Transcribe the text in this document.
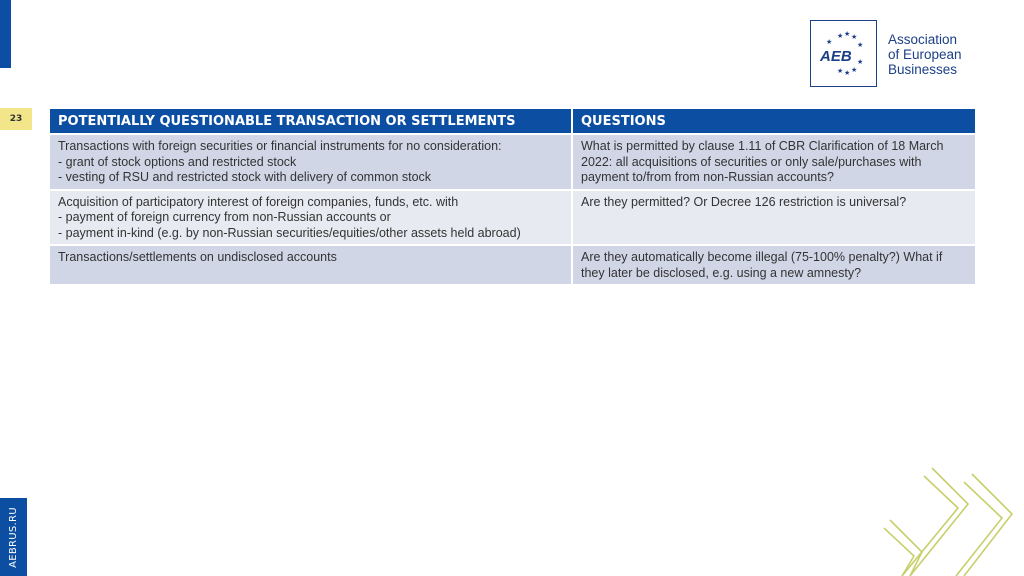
23
AEBRUS.RU
★ ★ ★
★	★
★
★
★
★
AEB
Association
of European
Businesses
POTENTIALLY QUESTIONABLE TRANSACTION OR SETTLEMENTS	QUESTIONS

Transactions with foreign securities or financial instruments for no consideration:
- grant of stock options and restricted stock
- vesting of RSU and restricted stock with delivery of common stock	What is permitted by clause 1.11 of CBR Clarification of 18 March
2022: all acquisitions of securities or only sale/purchases with
payment to/from from non-Russian accounts?

Acquisition of participatory interest of foreign companies, funds, etc. with
- payment of foreign currency from non-Russian accounts or
- payment in-kind (e.g. by non-Russian securities/equities/other assets held abroad)	Are they permitted? Or Decree 126 restriction is universal?

Transactions/settlements on undisclosed accounts	Are they automatically become illegal (75-100% penalty?) What if
they later be disclosed, e.g. using a new amnesty?
